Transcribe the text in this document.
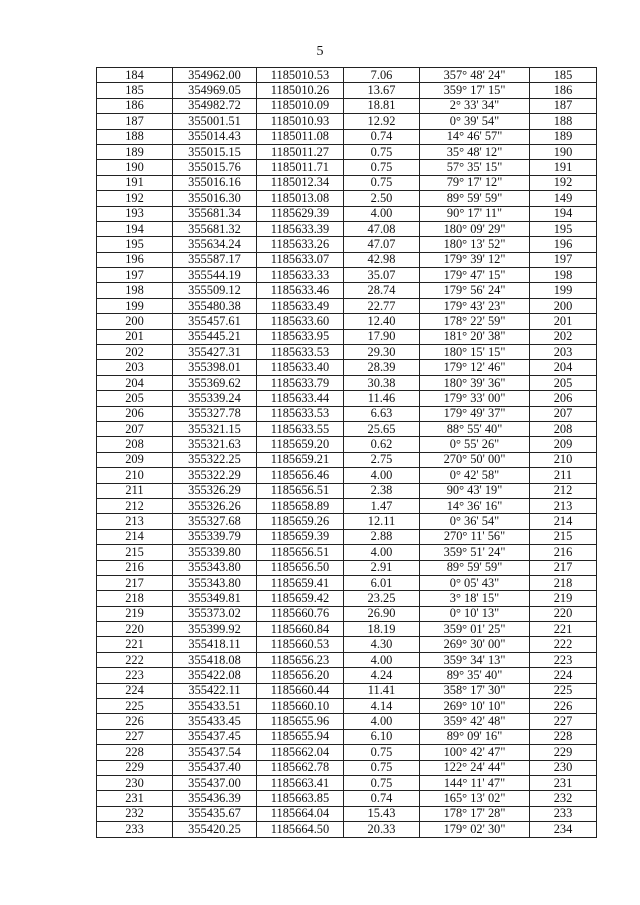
5
184	354962.00	1185010.53	7.06	357° 48' 24"	185
185	354969.05	1185010.26	13.67	359° 17' 15"	186
186	354982.72	1185010.09	18.81	2° 33' 34"	187
187	355001.51	1185010.93	12.92	0° 39' 54"	188
188	355014.43	1185011.08	0.74	14° 46' 57"	189
189	355015.15	1185011.27	0.75	35° 48' 12"	190
190	355015.76	1185011.71	0.75	57° 35' 15"	191
191	355016.16	1185012.34	0.75	79° 17' 12"	192
192	355016.30	1185013.08	2.50	89° 59' 59"	149
193	355681.34	1185629.39	4.00	90° 17' 11"	194
194	355681.32	1185633.39	47.08	180° 09' 29"	195
195	355634.24	1185633.26	47.07	180° 13' 52"	196
196	355587.17	1185633.07	42.98	179° 39' 12"	197
197	355544.19	1185633.33	35.07	179° 47' 15"	198
198	355509.12	1185633.46	28.74	179° 56' 24"	199
199	355480.38	1185633.49	22.77	179° 43' 23"	200
200	355457.61	1185633.60	12.40	178° 22' 59"	201
201	355445.21	1185633.95	17.90	181° 20' 38"	202
202	355427.31	1185633.53	29.30	180° 15' 15"	203
203	355398.01	1185633.40	28.39	179° 12' 46"	204
204	355369.62	1185633.79	30.38	180° 39' 36"	205
205	355339.24	1185633.44	11.46	179° 33' 00"	206
206	355327.78	1185633.53	6.63	179° 49' 37"	207
207	355321.15	1185633.55	25.65	88° 55' 40"	208
208	355321.63	1185659.20	0.62	0° 55' 26"	209
209	355322.25	1185659.21	2.75	270° 50' 00"	210
210	355322.29	1185656.46	4.00	0° 42' 58"	211
211	355326.29	1185656.51	2.38	90° 43' 19"	212
212	355326.26	1185658.89	1.47	14° 36' 16"	213
213	355327.68	1185659.26	12.11	0° 36' 54"	214
214	355339.79	1185659.39	2.88	270° 11' 56"	215
215	355339.80	1185656.51	4.00	359° 51' 24"	216
216	355343.80	1185656.50	2.91	89° 59' 59"	217
217	355343.80	1185659.41	6.01	0° 05' 43"	218
218	355349.81	1185659.42	23.25	3° 18' 15"	219
219	355373.02	1185660.76	26.90	0° 10' 13"	220
220	355399.92	1185660.84	18.19	359° 01' 25"	221
221	355418.11	1185660.53	4.30	269° 30' 00"	222
222	355418.08	1185656.23	4.00	359° 34' 13"	223
223	355422.08	1185656.20	4.24	89° 35' 40"	224
224	355422.11	1185660.44	11.41	358° 17' 30"	225
225	355433.51	1185660.10	4.14	269° 10' 10"	226
226	355433.45	1185655.96	4.00	359° 42' 48"	227
227	355437.45	1185655.94	6.10	89° 09' 16"	228
228	355437.54	1185662.04	0.75	100° 42' 47"	229
229	355437.40	1185662.78	0.75	122° 24' 44"	230
230	355437.00	1185663.41	0.75	144° 11' 47"	231
231	355436.39	1185663.85	0.74	165° 13' 02"	232
232	355435.67	1185664.04	15.43	178° 17' 28"	233
233	355420.25	1185664.50	20.33	179° 02' 30"	234
